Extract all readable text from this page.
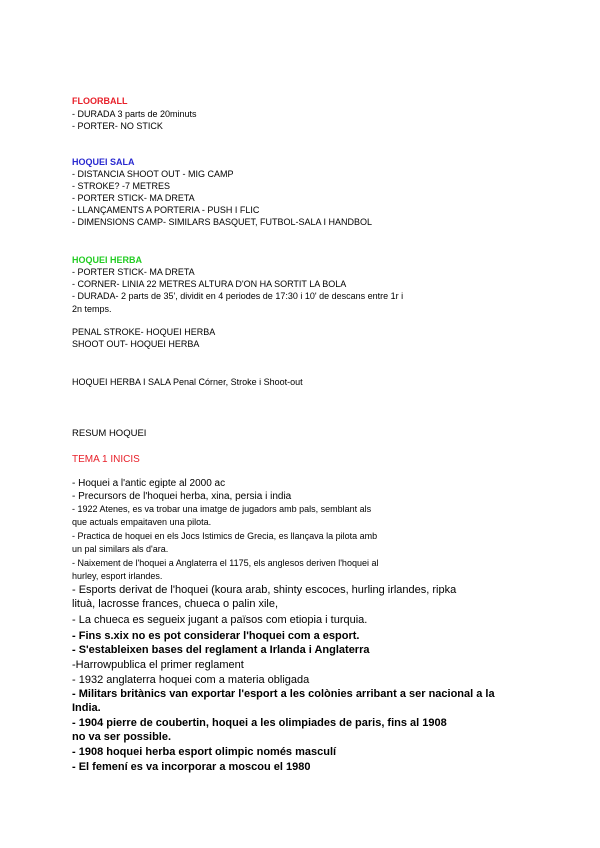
FLOORBALL
- DURADA 3 parts de 20minuts
- PORTER- NO STICK
HOQUEI SALA
- DISTANCIA SHOOT OUT - MIG CAMP
- STROKE? -7 METRES
- PORTER STICK- MA DRETA
- LLANÇAMENTS A PORTERIA - PUSH I FLIC
- DIMENSIONS CAMP- SIMILARS BASQUET, FUTBOL-SALA I HANDBOL
HOQUEI HERBA
- PORTER STICK- MA DRETA
- CORNER- LINIA 22 METRES ALTURA D'ON HA SORTIT LA BOLA
- DURADA- 2 parts de 35', dividit en 4 periodes de 17:30 i 10' de descans entre 1r i
2n temps.
PENAL STROKE- HOQUEI HERBA
SHOOT OUT- HOQUEI HERBA
HOQUEI HERBA I SALA Penal Córner, Stroke i Shoot-out
RESUM HOQUEI
TEMA 1 INICIS
- Hoquei a l'antic egipte al 2000 ac
- Precursors de l'hoquei herba, xina, persia i india
- 1922 Atenes, es va trobar una imatge de jugadors amb pals, semblant als
que actuals empaitaven una pilota.
- Practica de hoquei en els Jocs Istimics de Grecia, es llançava la pilota amb
un pal similars als d'ara.
- Naixement de l'hoquei a Anglaterra el 1175, els anglesos deriven l'hoquei al
hurley, esport irlandes.
- Esports derivat de l'hoquei (koura arab, shinty escoces, hurling irlandes, ripka
lituà, lacrosse frances, chueca o palin xile,
- La chueca es segueix jugant a països com etiopia i turquia.
- Fins s.xix no es pot considerar l'hoquei com a esport.
- S'estableixen bases del reglament a Irlanda i Anglaterra
-Harrowpublica el primer reglament
- 1932 anglaterra hoquei com a materia obligada
- Militars britànics van exportar l'esport a les colònies arribant a ser nacional a la
India.
- 1904 pierre de coubertin, hoquei a les olimpiades de paris, fins al 1908
no va ser possible.
- 1908 hoquei herba esport olimpic només masculí
- El femení es va incorporar a moscou el 1980
